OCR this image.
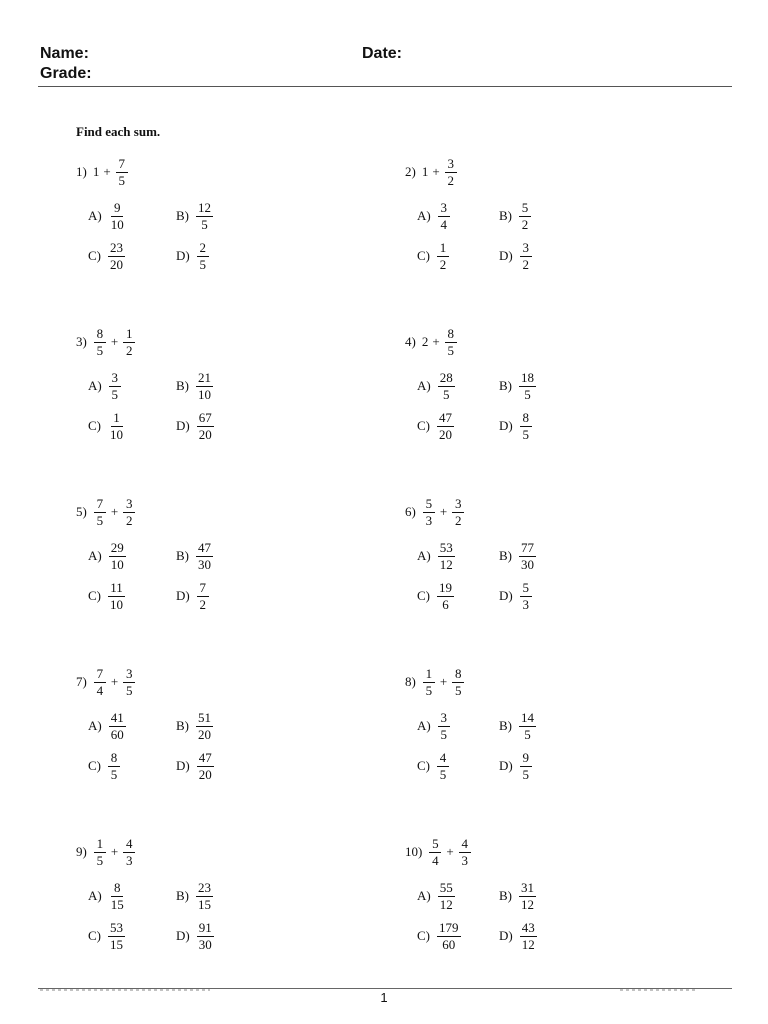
Name:	Date:
Grade:
Find each sum.
1) $1 + \frac{7}{5}$
$A) \frac{9}{10}$	$B) \frac{12}{5}$
$C) \frac{23}{20}$	$D) \frac{2}{5}$
2) $1 + \frac{3}{2}$
$A) \frac{3}{4}$	$B) \frac{5}{2}$
$C) \frac{1}{2}$	$D) \frac{3}{2}$
$3) \frac{8}{5} + \frac{1}{2}$
$A) \frac{3}{5}$	$B) \frac{21}{10}$
$C) \frac{1}{10}$	$D) \frac{67}{20}$
4) $2 + \frac{8}{5}$
$A) \frac{28}{5}$	$B) \frac{18}{5}$
$C) \frac{47}{20}$	$D) \frac{8}{5}$
$5) \frac{7}{5} + \frac{3}{2}$
$A) \frac{29}{10}$	$B) \frac{47}{30}$
$C) \frac{11}{10}$	$D) \frac{7}{2}$
$6) \frac{5}{3} + \frac{3}{2}$
$A) \frac{53}{12}$	$B) \frac{77}{30}$
$C) \frac{19}{6}$	$D) \frac{5}{3}$
$7) \frac{7}{4} + \frac{3}{5}$
$A) \frac{41}{60}$	$B) \frac{51}{20}$
$C) \frac{8}{5}$	$D) \frac{47}{20}$
$8) \frac{1}{5} + \frac{8}{5}$
$A) \frac{3}{5}$	$B) \frac{14}{5}$
$C) \frac{4}{5}$	$D) \frac{9}{5}$
$9) \frac{1}{5} + \frac{4}{3}$
$A) \frac{8}{15}$	$B) \frac{23}{15}$
$C) \frac{53}{15}$	$D) \frac{91}{30}$
$10) \frac{5}{4} + \frac{4}{3}$
$A) \frac{55}{12}$	$B) \frac{31}{12}$
$C) \frac{179}{60}$	$D) \frac{43}{12}$
1
